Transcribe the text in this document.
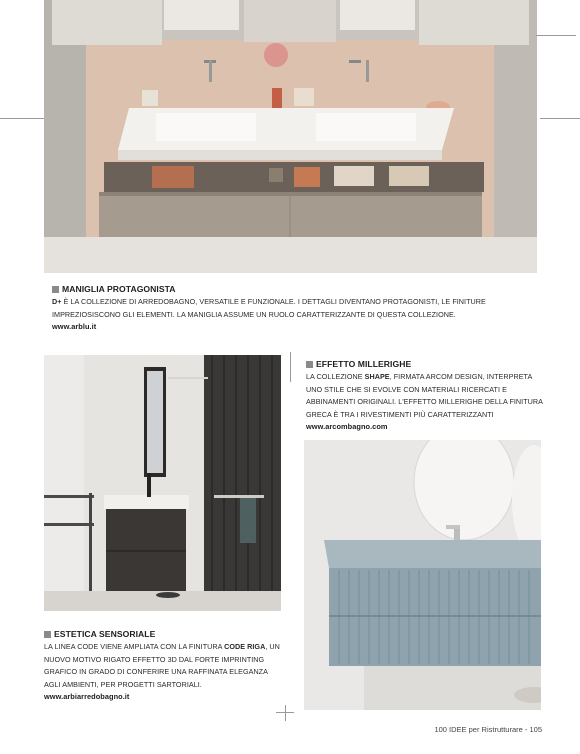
MANIGLIA PROTAGONISTA
D+ È LA COLLEZIONE DI ARREDOBAGNO, VERSATILE E FUNZIONALE. I DETTAGLI DIVENTANO PROTAGONISTI, LE FINITURE IMPREZIOSISCONO GLI ELEMENTI. LA MANIGLIA ASSUME UN RUOLO CARATTERIZZANTE DI QUESTA COLLEZIONE.
www.arblu.it
EFFETTO MILLERIGHE
LA COLLEZIONE SHAPE, FIRMATA ARCOM DESIGN, INTERPRETA UNO STILE CHE SI EVOLVE CON MATERIALI RICERCATI E ABBINAMENTI ORIGINALI. L'EFFETTO MILLERIGHE DELLA FINITURA GRECA È TRA I RIVESTIMENTI PIÙ CARATTERIZZANTI
www.arcombagno.com
ESTETICA SENSORIALE
LA LINEA CODE VIENE AMPLIATA CON LA FINITURA CODE RIGA, UN NUOVO MOTIVO RIGATO EFFETTO 3D DAL FORTE IMPRINTING GRAFICO IN GRADO DI CONFERIRE UNA RAFFINATA ELEGANZA AGLI AMBIENTI, PER PROGETTI SARTORIALI.
www.arbiarredobagno.it
100 IDEE per Ristrutturare - 105
